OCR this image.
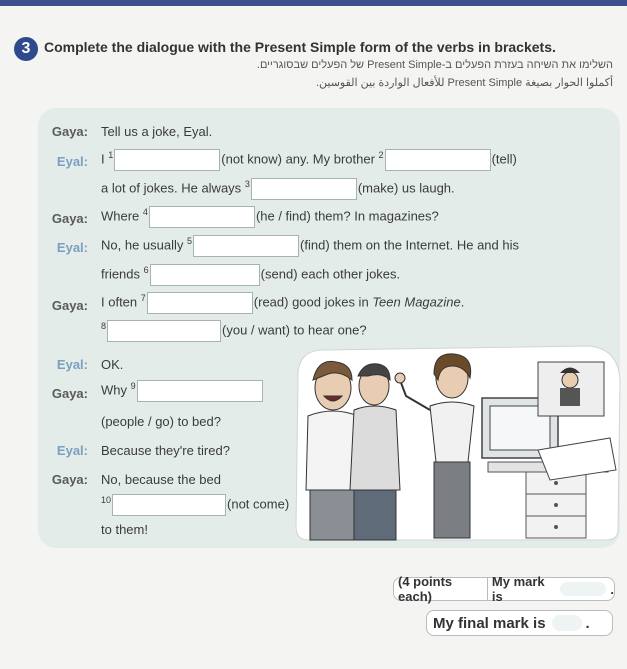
3 Complete the dialogue with the Present Simple form of the verbs in brackets.
השלימו את השיחה בעזרת הפעלים ב-Present Simple של הפעלים שבסוגריים.
أكملوا الحوار بصيغة Present Simple للأفعال الواردة بين القوسين.
Gaya: Tell us a joke, Eyal.
Eyal: I $^1$	(not know) any. My brother $^2$	(tell)
a lot of jokes. He always $^3$	(make) us laugh.
Gaya: Where $^4$	(he / find) them? In magazines?
Eyal: No, he usually $^5$	(find) them on the Internet. He and his
friends $^6$	(send) each other jokes.
Gaya: I often $^7$	(read) good jokes in Teen Magazine.
$^8$	(you / want) to hear one?
Eyal: OK.
Gaya: Why $^9$
(people / go) to bed?
Eyal: Because they're tired?
Gaya: No, because the bed
$^{10}$	(not come)
to them!
(4 points each)
My mark is	.
My final mark is	.
